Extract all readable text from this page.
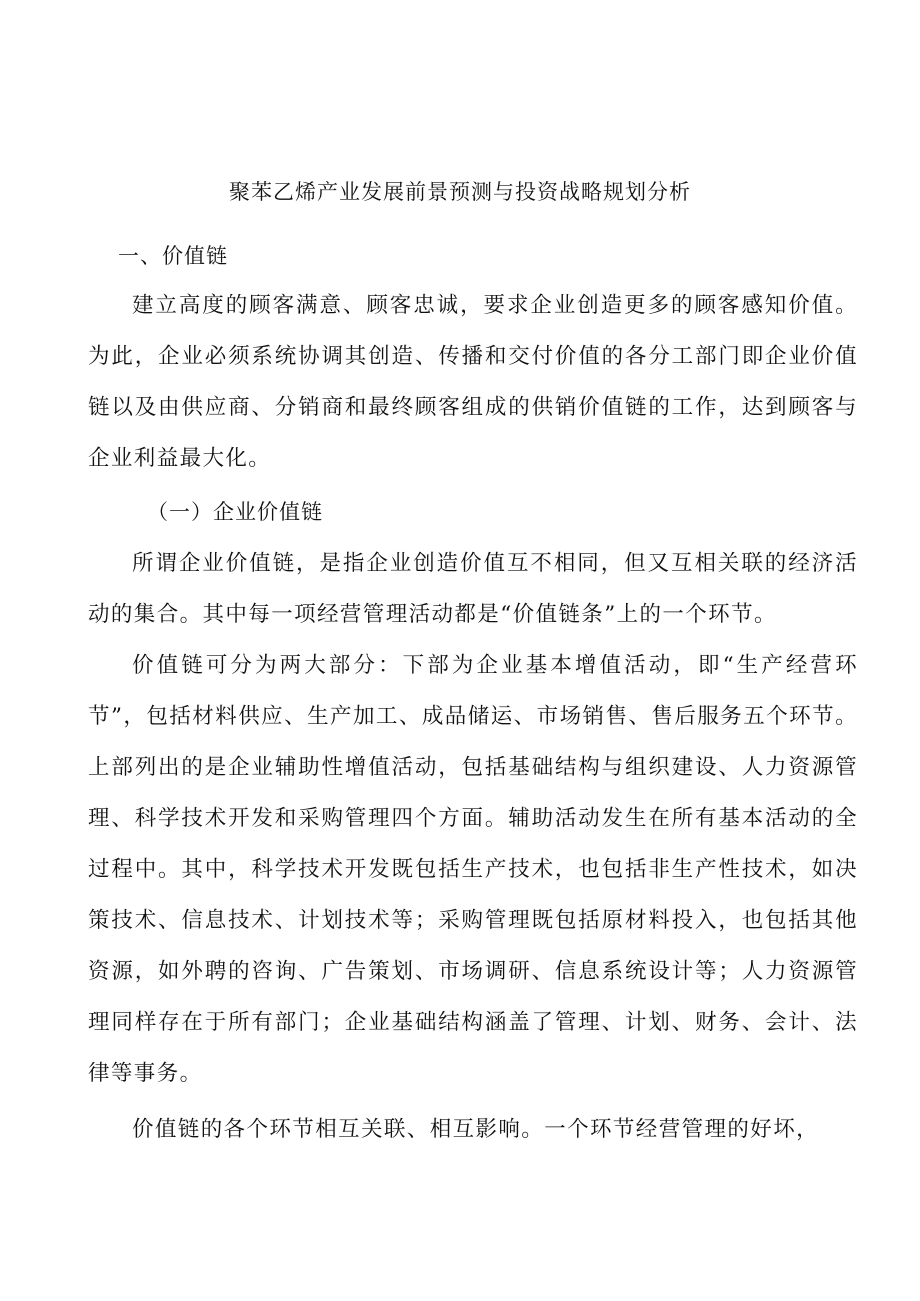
聚苯乙烯产业发展前景预测与投资战略规划分析
一、价值链

建立高度的顾客满意、顾客忠诚，要求企业创造更多的顾客感知价值。为此，企业必须系统协调其创造、传播和交付价值的各分工部门即企业价值链以及由供应商、分销商和最终顾客组成的供销价值链的工作，达到顾客与企业利益最大化。

（一）企业价值链

所谓企业价值链，是指企业创造价值互不相同，但又互相关联的经济活动的集合。其中每一项经营管理活动都是“价值链条”上的一个环节。

价值链可分为两大部分：下部为企业基本增值活动，即“生产经营环节”，包括材料供应、生产加工、成品储运、市场销售、售后服务五个环节。上部列出的是企业辅助性增值活动，包括基础结构与组织建设、人力资源管理、科学技术开发和采购管理四个方面。辅助活动发生在所有基本活动的全过程中。其中，科学技术开发既包括生产技术，也包括非生产性技术，如决策技术、信息技术、计划技术等；采购管理既包括原材料投入，也包括其他资源，如外聘的咨询、广告策划、市场调研、信息系统设计等；人力资源管理同样存在于所有部门；企业基础结构涵盖了管理、计划、财务、会计、法律等事务。

价值链的各个环节相互关联、相互影响。一个环节经营管理的好坏，
